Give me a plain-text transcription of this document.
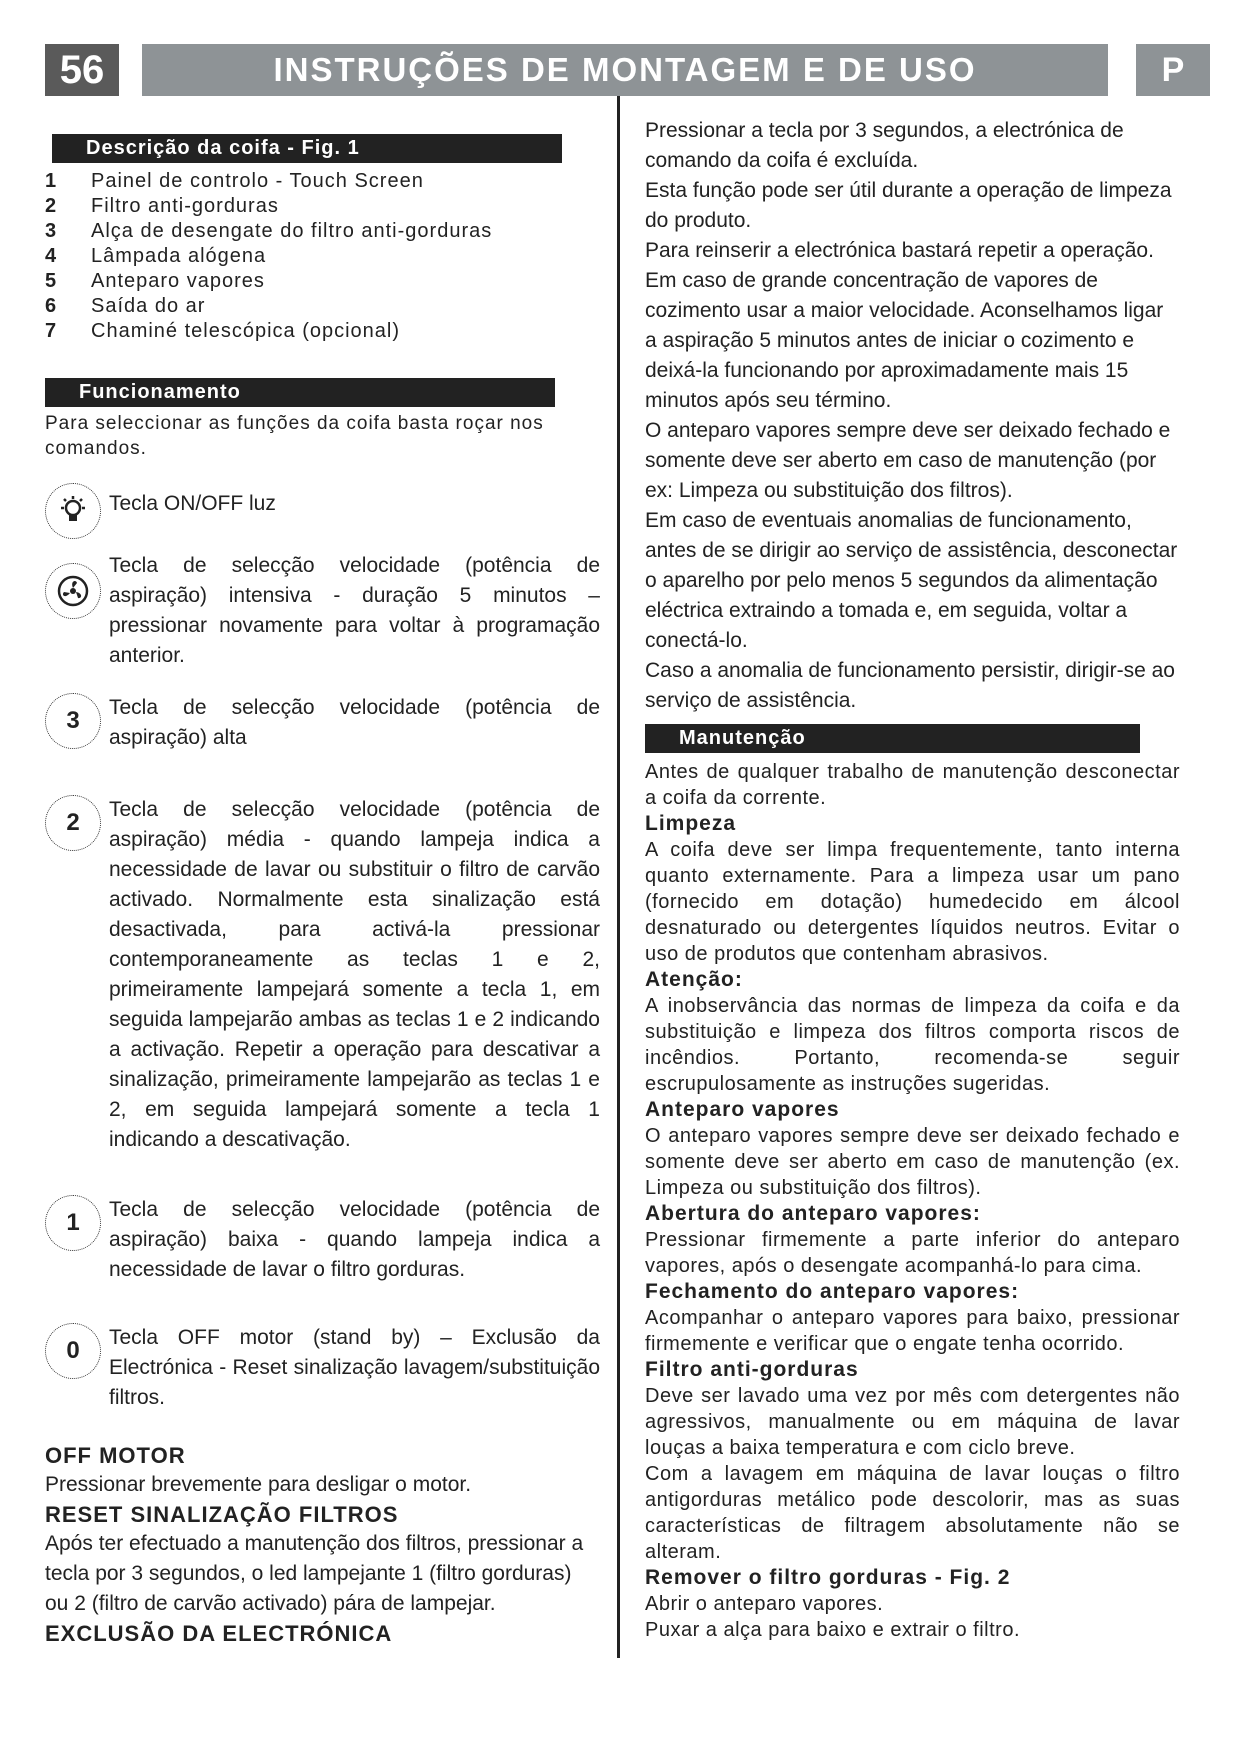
56	INSTRUÇÕES DE MONTAGEM E DE USO	P
Descrição da coifa - Fig. 1
1	Painel de controlo - Touch Screen
2	Filtro anti-gorduras
3	Alça de desengate do filtro anti-gorduras
4	Lâmpada alógena
5	Anteparo vapores
6	Saída do ar
7	Chaminé telescópica (opcional)
Funcionamento

Para seleccionar as funções da coifa basta roçar nos comandos.

Tecla ON/OFF luz

Tecla de selecção velocidade (potência de aspiração) intensiva - duração 5 minutos – pressionar novamente para voltar à programação anterior.

3	Tecla de selecção velocidade (potência de aspiração) alta

2	Tecla de selecção velocidade (potência de aspiração) média - quando lampeja indica a necessidade de lavar ou substituir o filtro de carvão activado. Normalmente esta sinalização está desactivada, para activá-la pressionar contemporaneamente as teclas 1 e 2, primeiramente lampejará somente a tecla 1, em seguida lampejarão ambas as teclas 1 e 2 indicando a activação. Repetir a operação para descativar a sinalização, primeiramente lampejarão as teclas 1 e 2, em seguida lampejará somente a tecla 1 indicando a descativação.

1	Tecla de selecção velocidade (potência de aspiração) baixa - quando lampeja indica a necessidade de lavar o filtro gorduras.

0	Tecla OFF motor (stand by) – Exclusão da Electrónica - Reset sinalização lavagem/substituição filtros.

OFF MOTOR

Pressionar brevemente para desligar o motor.

RESET SINALIZAÇÃO FILTROS

Após ter efectuado a manutenção dos filtros, pressionar a tecla por 3 segundos, o led lampejante 1 (filtro gorduras) ou 2 (filtro de carvão activado) pára de lampejar.

EXCLUSÃO DA ELECTRÓNICA

Pressionar a tecla por 3 segundos, a electrónica de comando da coifa é excluída.

Esta função pode ser útil durante a operação de limpeza do produto.

Para reinserir a electrónica bastará repetir a operação.

Em caso de grande concentração de vapores de cozimento usar a maior velocidade. Aconselhamos ligar a aspiração 5 minutos antes de iniciar o cozimento e deixá-la funcionando por aproximadamente mais 15 minutos após seu término.

O anteparo vapores sempre deve ser deixado fechado e somente deve ser aberto em caso de manutenção (por ex: Limpeza ou substituição dos filtros).

Em caso de eventuais anomalias de funcionamento, antes de se dirigir ao serviço de assistência, desconectar o aparelho por pelo menos 5 segundos da alimentação eléctrica extraindo a tomada e, em seguida, voltar a conectá-lo.

Caso a anomalia de funcionamento persistir, dirigir-se ao serviço de assistência.

Manutenção

Antes de qualquer trabalho de manutenção desconectar a coifa da corrente.

Limpeza

A coifa deve ser limpa frequentemente, tanto interna quanto externamente. Para a limpeza usar um pano (fornecido em dotação) humedecido em álcool desnaturado ou detergentes líquidos neutros. Evitar o uso de produtos que contenham abrasivos.

Atenção:

A inobservância das normas de limpeza da coifa e da substituição e limpeza dos filtros comporta riscos de incêndios. Portanto, recomenda-se seguir escrupulosamente as instruções sugeridas.

Anteparo vapores

O anteparo vapores sempre deve ser deixado fechado e somente deve ser aberto em caso de manutenção (ex. Limpeza ou substituição dos filtros).

Abertura do anteparo vapores:

Pressionar firmemente a parte inferior do anteparo vapores, após o desengate acompanhá-lo para cima.

Fechamento do anteparo vapores:

Acompanhar o anteparo vapores para baixo, pressionar firmemente e verificar que o engate tenha ocorrido.

Filtro anti-gorduras

Deve ser lavado uma vez por mês com detergentes não agressivos, manualmente ou em máquina de lavar louças a baixa temperatura e com ciclo breve.

Com a lavagem em máquina de lavar louças o filtro antigorduras metálico pode descolorir, mas as suas características de filtragem absolutamente não se alteram.

Remover o filtro gorduras - Fig. 2

Abrir o anteparo vapores.

Puxar a alça para baixo e extrair o filtro.
